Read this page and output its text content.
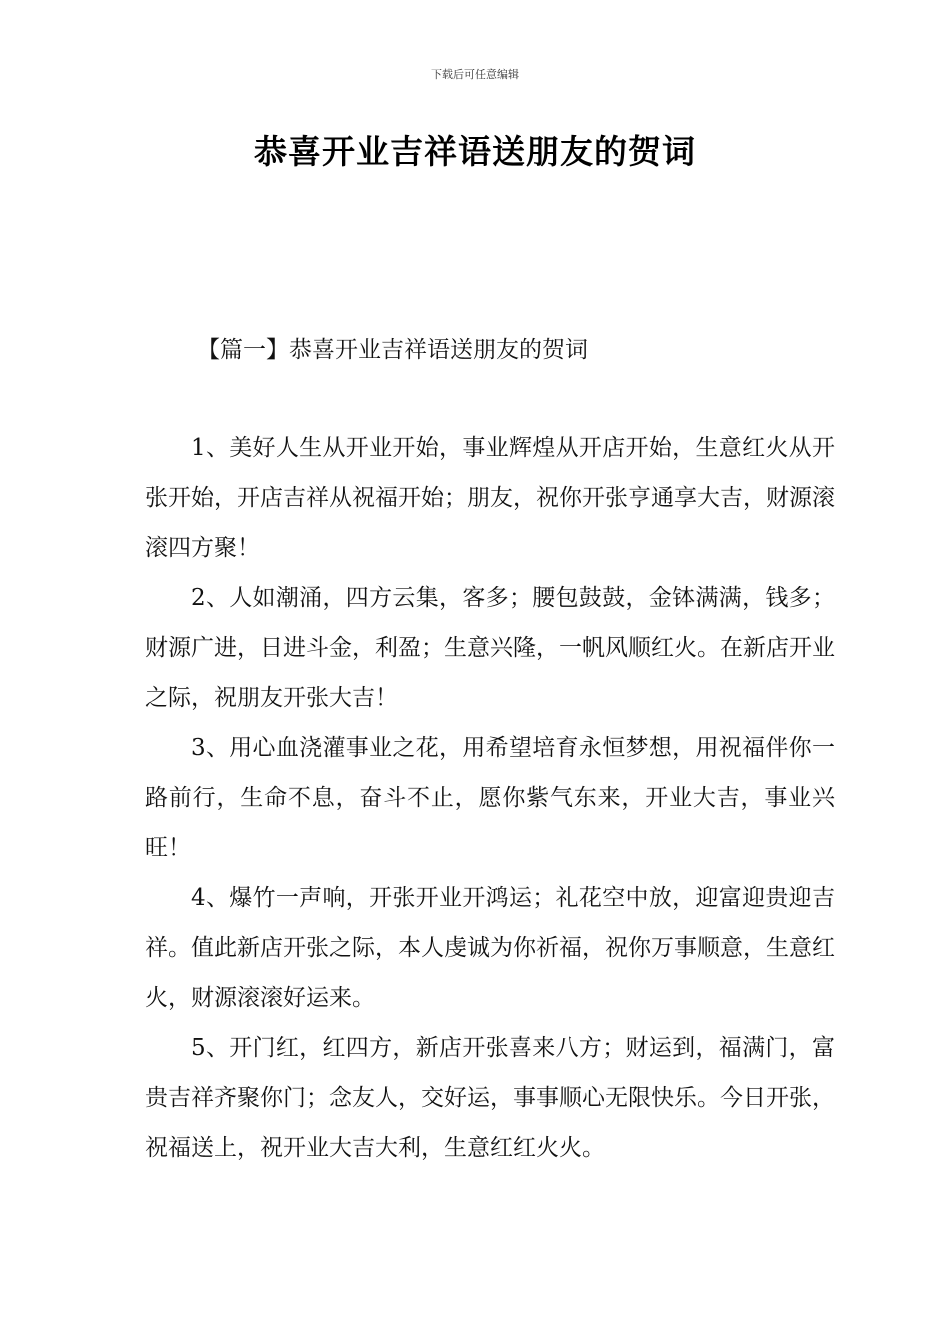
下载后可任意编辑
恭喜开业吉祥语送朋友的贺词
【篇一】恭喜开业吉祥语送朋友的贺词

1、美好人生从开业开始，事业辉煌从开店开始，生意红火从开张开始，开店吉祥从祝福开始；朋友，祝你开张亨通享大吉，财源滚滚四方聚！

2、人如潮涌，四方云集，客多；腰包鼓鼓，金钵满满，钱多；财源广进，日进斗金，利盈；生意兴隆，一帆风顺红火。在新店开业之际，祝朋友开张大吉！

3、用心血浇灌事业之花，用希望培育永恒梦想，用祝福伴你一路前行，生命不息，奋斗不止，愿你紫气东来，开业大吉，事业兴旺！

4、爆竹一声响，开张开业开鸿运；礼花空中放，迎富迎贵迎吉祥。值此新店开张之际，本人虔诚为你祈福，祝你万事顺意，生意红火，财源滚滚好运来。

5、开门红，红四方，新店开张喜来八方；财运到，福满门，富贵吉祥齐聚你门；念友人，交好运，事事顺心无限快乐。今日开张，祝福送上，祝开业大吉大利，生意红红火火。
